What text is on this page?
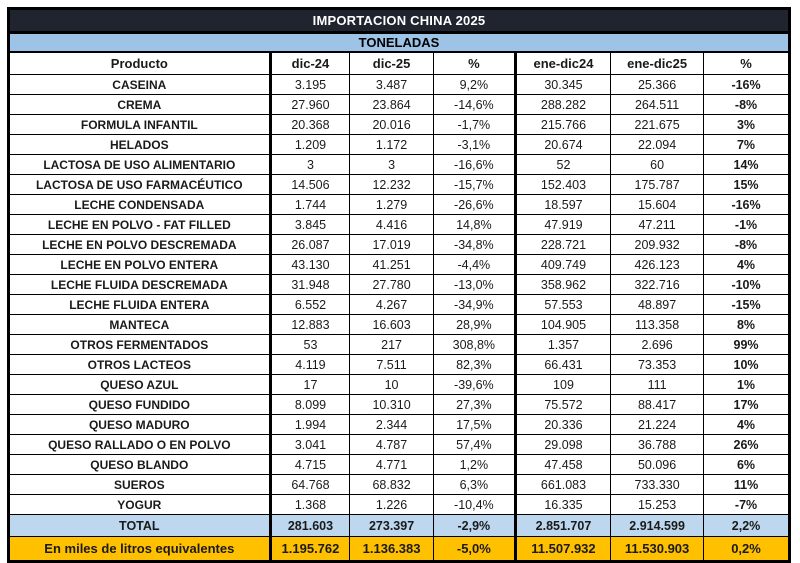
IMPORTACION CHINA 2025						
TONELADAS						
Producto	dic-24	dic-25	%	ene-dic24	ene-dic25	%
CASEINA	3.195	3.487	9,2%	30.345	25.366	-16%
CREMA	27.960	23.864	-14,6%	288.282	264.511	-8%
FORMULA INFANTIL	20.368	20.016	-1,7%	215.766	221.675	3%
HELADOS	1.209	1.172	-3,1%	20.674	22.094	7%
LACTOSA DE USO ALIMENTARIO	3	3	-16,6%	52	60	14%
LACTOSA DE USO FARMACÉUTICO	14.506	12.232	-15,7%	152.403	175.787	15%
LECHE CONDENSADA	1.744	1.279	-26,6%	18.597	15.604	-16%
LECHE EN POLVO - FAT FILLED	3.845	4.416	14,8%	47.919	47.211	-1%
LECHE EN POLVO DESCREMADA	26.087	17.019	-34,8%	228.721	209.932	-8%
LECHE EN POLVO ENTERA	43.130	41.251	-4,4%	409.749	426.123	4%
LECHE FLUIDA DESCREMADA	31.948	27.780	-13,0%	358.962	322.716	-10%
LECHE FLUIDA ENTERA	6.552	4.267	-34,9%	57.553	48.897	-15%
MANTECA	12.883	16.603	28,9%	104.905	113.358	8%
OTROS FERMENTADOS	53	217	308,8%	1.357	2.696	99%
OTROS LACTEOS	4.119	7.511	82,3%	66.431	73.353	10%
QUESO AZUL	17	10	-39,6%	109	111	1%
QUESO FUNDIDO	8.099	10.310	27,3%	75.572	88.417	17%
QUESO MADURO	1.994	2.344	17,5%	20.336	21.224	4%
QUESO RALLADO O EN POLVO	3.041	4.787	57,4%	29.098	36.788	26%
QUESO BLANDO	4.715	4.771	1,2%	47.458	50.096	6%
SUEROS	64.768	68.832	6,3%	661.083	733.330	11%
YOGUR	1.368	1.226	-10,4%	16.335	15.253	-7%
TOTAL	281.603	273.397	-2,9%	2.851.707	2.914.599	2,2%
En miles de litros equivalentes	1.195.762	1.136.383	-5,0%	11.507.932	11.530.903	0,2%
